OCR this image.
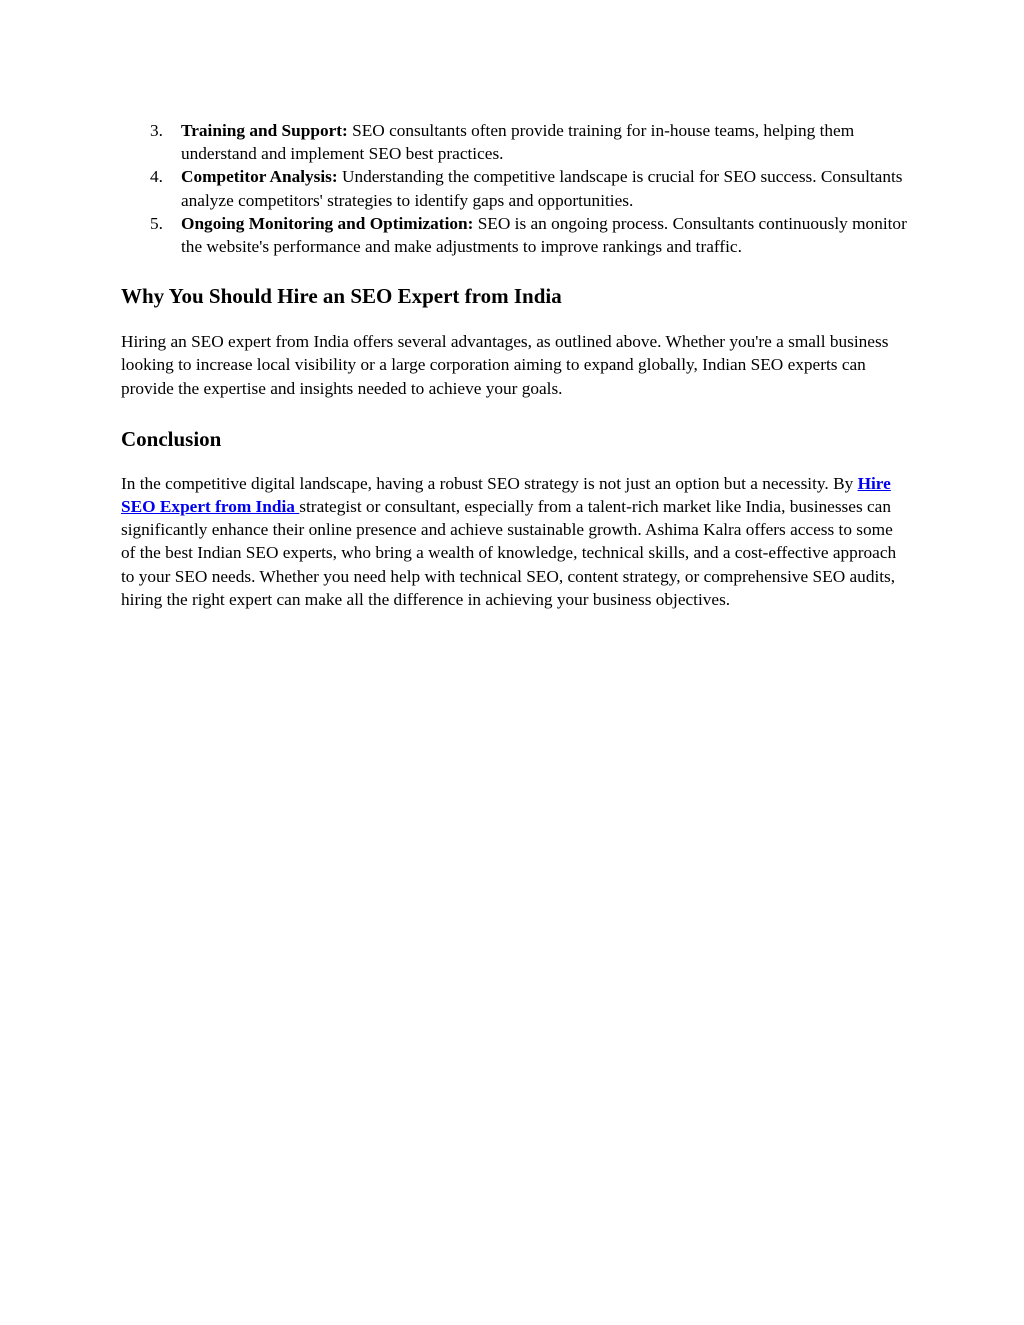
3. Training and Support: SEO consultants often provide training for in-house teams, helping them understand and implement SEO best practices.
4. Competitor Analysis: Understanding the competitive landscape is crucial for SEO success. Consultants analyze competitors' strategies to identify gaps and opportunities.
5. Ongoing Monitoring and Optimization: SEO is an ongoing process. Consultants continuously monitor the website's performance and make adjustments to improve rankings and traffic.
Why You Should Hire an SEO Expert from India

Hiring an SEO expert from India offers several advantages, as outlined above. Whether you're a small business looking to increase local visibility or a large corporation aiming to expand globally, Indian SEO experts can provide the expertise and insights needed to achieve your goals.

Conclusion

In the competitive digital landscape, having a robust SEO strategy is not just an option but a necessity. By Hire SEO Expert from India strategist or consultant, especially from a talent-rich market like India, businesses can significantly enhance their online presence and achieve sustainable growth. Ashima Kalra offers access to some of the best Indian SEO experts, who bring a wealth of knowledge, technical skills, and a cost-effective approach to your SEO needs. Whether you need help with technical SEO, content strategy, or comprehensive SEO audits, hiring the right expert can make all the difference in achieving your business objectives.
